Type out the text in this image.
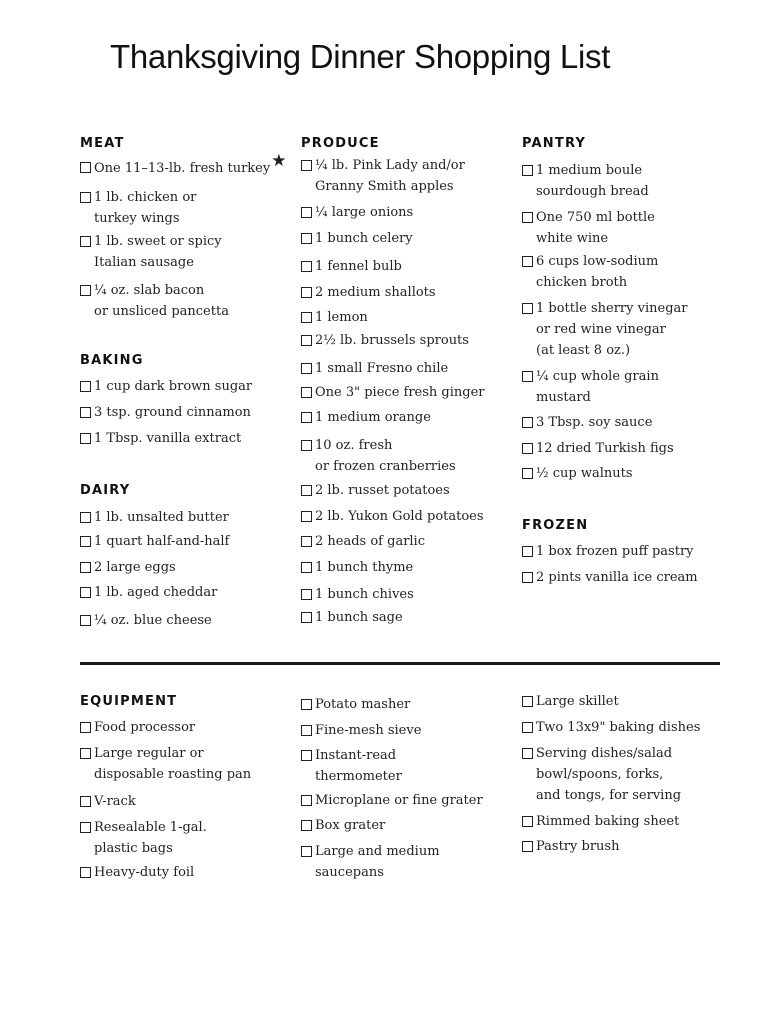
Thanksgiving Dinner Shopping List
MEAT
One 11–13-lb. fresh turkey★
1 lb. chicken or

turkey wings
1 lb. sweet or spicy

Italian sausage
¼ oz. slab bacon

or unsliced pancetta
BAKING
1 cup dark brown sugar
3 tsp. ground cinnamon
1 Tbsp. vanilla extract
DAIRY
1 lb. unsalted butter
1 quart half-and-half
2 large eggs
1 lb. aged cheddar
¼ oz. blue cheese
EQUIPMENT
Food processor
Large regular or

disposable roasting pan
V-rack
Resealable 1-gal.

plastic bags
Heavy-duty foil
PRODUCE
¼ lb. Pink Lady and/or

Granny Smith apples
¼ large onions
1 bunch celery
1 fennel bulb
2 medium shallots
1 lemon
2½ lb. brussels sprouts
1 small Fresno chile
One 3" piece fresh ginger
1 medium orange
10 oz. fresh

or frozen cranberries
2 lb. russet potatoes
2 lb. Yukon Gold potatoes
2 heads of garlic
1 bunch thyme
1 bunch chives
1 bunch sage
Potato masher
Fine-mesh sieve
Instant-read

thermometer
Microplane or fine grater
Box grater
Large and medium

saucepans
PANTRY
1 medium boule

sourdough bread
One 750 ml bottle

white wine
6 cups low-sodium

chicken broth
1 bottle sherry vinegar

or red wine vinegar
(at least 8 oz.)
¼ cup whole grain

mustard
3 Tbsp. soy sauce
12 dried Turkish figs
½ cup walnuts
FROZEN
1 box frozen puff pastry
2 pints vanilla ice cream
Large skillet
Two 13x9" baking dishes
Serving dishes/salad

bowl/spoons, forks,
and tongs, for serving
Rimmed baking sheet
Pastry brush
